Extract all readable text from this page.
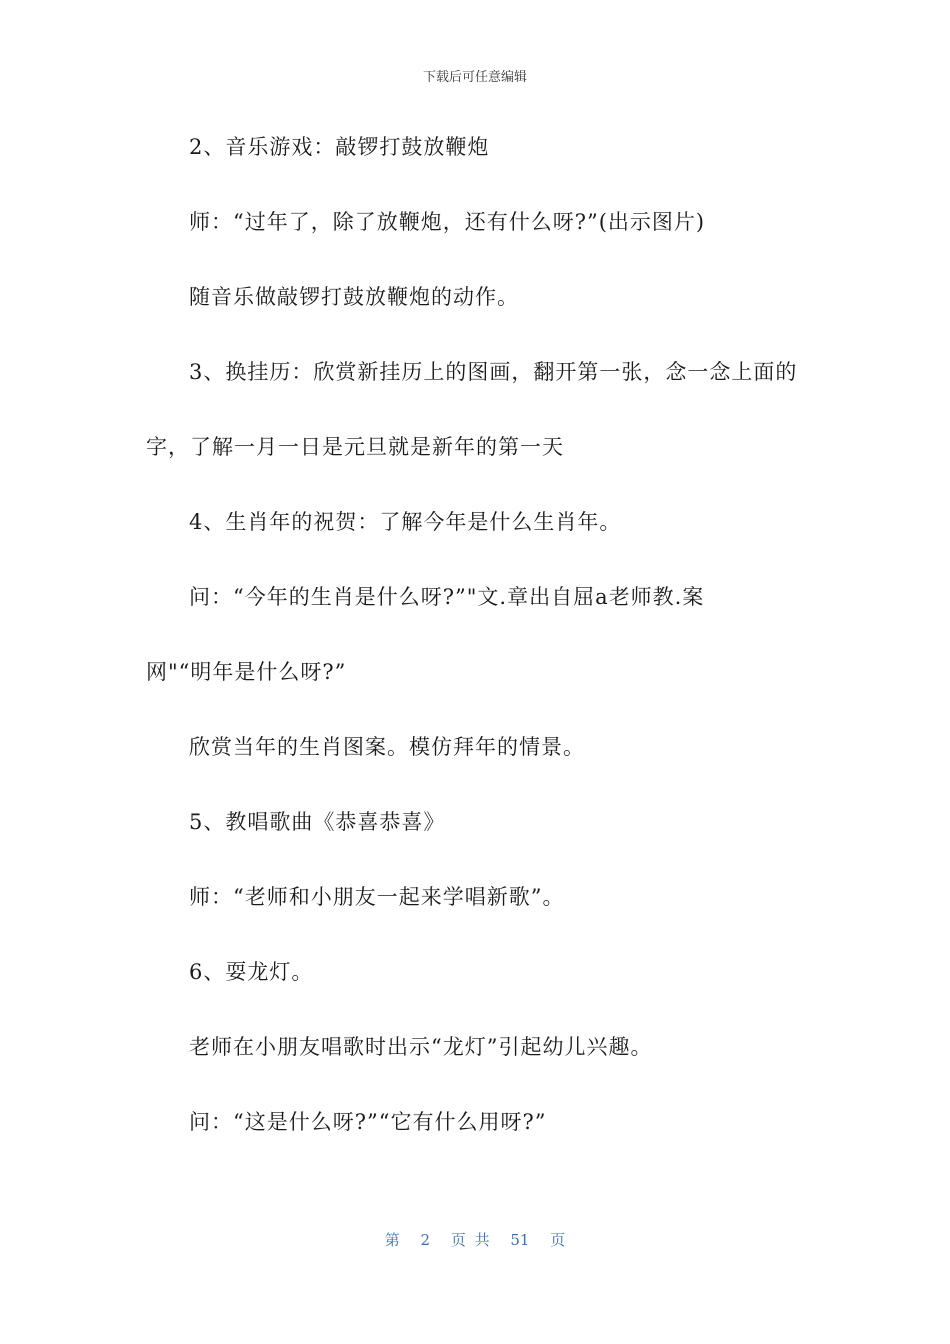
下载后可任意编辑
2、音乐游戏：敲锣打鼓放鞭炮
师：“过年了，除了放鞭炮，还有什么呀?”(出示图片)
随音乐做敲锣打鼓放鞭炮的动作。
3、换挂历：欣赏新挂历上的图画，翻开第一张，念一念上面的
字，了解一月一日是元旦就是新年的第一天
4、生肖年的祝贺：了解今年是什么生肖年。
问：“今年的生肖是什么呀?”"文.章出自屈a老师教.案
网"“明年是什么呀?”
欣赏当年的生肖图案。模仿拜年的情景。
5、教唱歌曲《恭喜恭喜》
师：“老师和小朋友一起来学唱新歌”。
6、耍龙灯。
老师在小朋友唱歌时出示“龙灯”引起幼儿兴趣。
问：“这是什么呀?”“它有什么用呀?”
第 2 页 共 51 页
